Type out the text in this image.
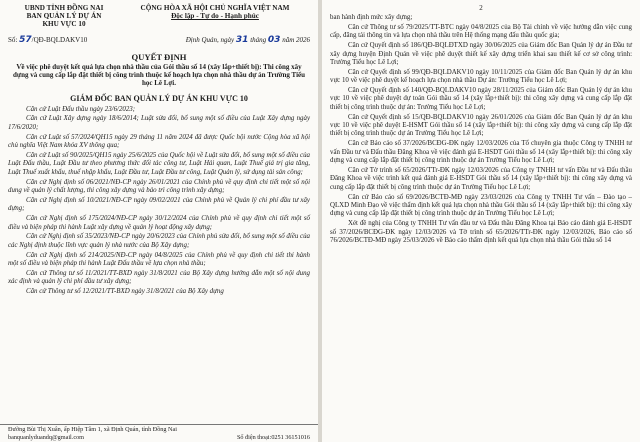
UBND TỈNH ĐỒNG NAI
BAN QUẢN LÝ DỰ ÁN
KHU VỰC 10
CỘNG HÒA XÃ HỘI CHỦ NGHĨA VIỆT NAM
Độc lập - Tự do - Hạnh phúc
Số: 57/QĐ-BQLDAKV10	Định Quán, ngày 31 tháng 03 năm 2026
QUYẾT ĐỊNH
Về việc phê duyệt kết quả lựa chọn nhà thầu của Gói thầu số 14 (xây lắp+thiết bị): Thi công xây dựng và cung cấp lắp đặt thiết bị công trình thuộc kế hoạch lựa chọn nhà thầu dự án Trường Tiểu học Lê Lợi.
GIÁM ĐỐC BAN QUẢN LÝ DỰ ÁN KHU VỰC 10

Căn cứ Luật Đấu thầu ngày 23/6/2023;

Căn cứ Luật Xây dựng ngày 18/6/2014; Luật sửa đổi, bổ sung một số điều của Luật Xây dựng ngày 17/6/2020;

Căn cứ Luật số 57/2024/QH15 ngày 29 tháng 11 năm 2024 đã được Quốc hội nước Cộng hòa xã hội chủ nghĩa Việt Nam khóa XV thông qua;

Căn cứ Luật số 90/2025/QH15 ngày 25/6/2025 của Quốc hội về Luật sửa đổi, bổ sung một số điều của Luật Đấu thầu, Luật Đầu tư theo phương thức đối tác công tư, Luật Hải quan, Luật Thuế giá trị gia tăng, Luật Thuế xuất khẩu, thuế nhập khẩu, Luật Đầu tư, Luật Đầu tư công, Luật Quản lý, sử dụng tài sản công;

Căn cứ Nghị định số 06/2021/NĐ-CP ngày 26/01/2021 của Chính phủ về quy định chi tiết một số nội dung về quản lý chất lượng, thi công xây dựng và bảo trì công trình xây dựng;

Căn cứ Nghị định số 10/2021/NĐ-CP ngày 09/02/2021 của Chính phủ về Quản lý chi phí đầu tư xây dựng;

Căn cứ Nghị định số 175/2024/NĐ-CP ngày 30/12/2024 của Chính phủ về quy định chi tiết một số điều và biện pháp thi hành Luật xây dựng về quản lý hoạt động xây dựng;

Căn cứ Nghị định số 35/2023/NĐ-CP ngày 20/6/2023 của Chính phủ sửa đổi, bổ sung một số điều của các Nghị định thuộc lĩnh vực quản lý nhà nước của Bộ Xây dựng;

Căn cứ Nghị định số 214/2025/NĐ-CP ngày 04/8/2025 của Chính phủ về quy định chi tiết thi hành một số điều và biện pháp thi hành Luật Đấu thầu về lựa chọn nhà thầu;

Căn cứ Thông tư số 11/2021/TT-BXD ngày 31/8/2021 của Bộ Xây dựng hướng dẫn một số nội dung xác định và quản lý chi phí đầu tư xây dựng;

Căn cứ Thông tư số 12/2021/TT-BXD ngày 31/8/2021 của Bộ Xây dựng

Đường Bùi Thị Xuân, ấp Hiệp Tâm 1, xã Định Quán, tỉnh Đồng Nai
banquanlyduandq@gmail.com	Số điện thoại:0251 36151016
2

ban hành định mức xây dựng;

Căn cứ Thông tư số 79/2025/TT-BTC ngày 04/8/2025 của Bộ Tài chính về việc hướng dẫn việc cung cấp, đăng tải thông tin và lựa chọn nhà thầu trên Hệ thống mạng đấu thầu quốc gia;

Căn cứ Quyết định số 186/QĐ-BQLĐTXD ngày 30/06/2025 của Giám đốc Ban Quản lý dự án Đầu tư xây dựng huyện Định Quán về việc phê duyệt thiết kế xây dựng triển khai sau thiết kế cơ sở công trình: Trường Tiểu học Lê Lợi;

Căn cứ Quyết định số 99/QĐ-BQLDAKV10 ngày 10/11/2025 của Giám đốc Ban Quản lý dự án khu vực 10 về việc phê duyệt kế hoạch lựa chọn nhà thầu Dự án: Trường Tiểu học Lê Lợi;

Căn cứ Quyết định số 140/QĐ-BQLDAKV10 ngày 28/11/2025 của Giám đốc Ban Quản lý dự án khu vực 10 về việc phê duyệt dự toán Gói thầu số 14 (xây lắp+thiết bị): thi công xây dựng và cung cấp lắp đặt thiết bị công trình thuộc dự án: Trường Tiểu học Lê Lợi;

Căn cứ Quyết định số 15/QĐ-BQLDAKV10 ngày 26/01/2026 của Giám đốc Ban Quản lý dự án khu vực 10 về việc phê duyệt E-HSMT Gói thầu số 14 (xây lắp+thiết bị): thi công xây dựng và cung cấp lắp đặt thiết bị công trình thuộc dự án Trường Tiểu học Lê Lợi;

Căn cứ Báo cáo số 37/2026/BCĐG-ĐK ngày 12/03/2026 của Tổ chuyên gia thuộc Công ty TNHH tư vấn Đầu tư và Đấu thầu Đăng Khoa về việc đánh giá E-HSDT Gói thầu số 14 (xây lắp+thiết bị): thi công xây dựng và cung cấp lắp đặt thiết bị công trình thuộc dự án Trường Tiểu học Lê Lợi;

Căn cứ Tờ trình số 65/2026/TTr-ĐK ngày 12/03/2026 của Công ty TNHH tư vấn Đầu tư và Đấu thầu Đăng Khoa về việc trình kết quả đánh giá E-HSDT Gói thầu số 14 (xây lắp+thiết bị): thi công xây dựng và cung cấp lắp đặt thiết bị công trình thuộc dự án Trường Tiểu học Lê Lợi;

Căn cứ Báo cáo số 69/2026/BCTĐ-MĐ ngày 23/03/2026 của Công ty TNHH Tư vấn – Đào tạo – QLXD Minh Đạo về việc thẩm định kết quả lựa chọn nhà thầu Gói thầu số 14 (xây lắp+thiết bị): thi công xây dựng và cung cấp lắp đặt thiết bị công trình thuộc dự án Trường Tiểu học Lê Lợi;

Xét đề nghị của Công ty TNHH Tư vấn đầu tư và Đấu thầu Đăng Khoa tại Báo cáo đánh giá E-HSDT số 37/2026/BCĐG-ĐK ngày 12/03/2026 và Tờ trình số 65/2026/TTr-ĐK ngày 12/03/2026, Báo cáo số 76/2026/BCTĐ-MĐ ngày 25/03/2026 về Báo cáo thẩm định kết quả lựa chọn nhà thầu Gói thầu số 14
